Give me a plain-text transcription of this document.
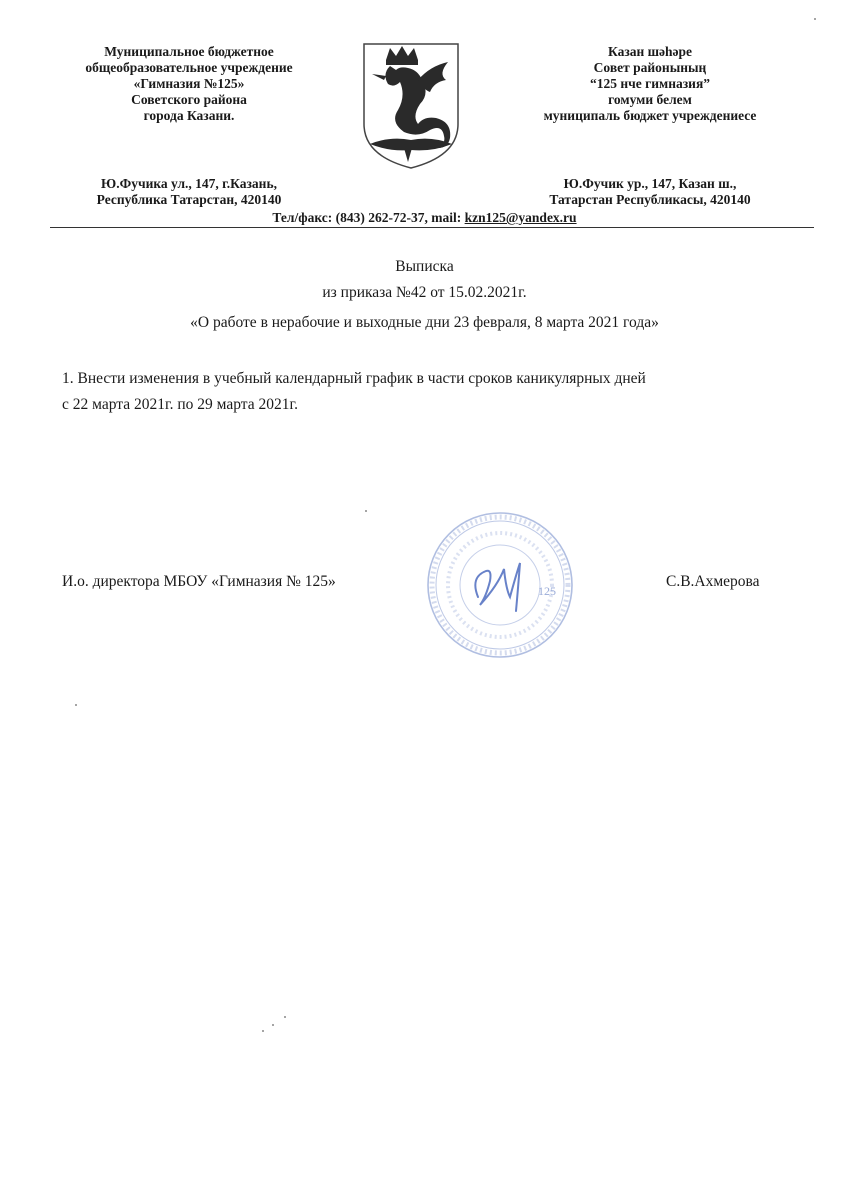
Муниципальное бюджетное
общеобразовательное учреждение
«Гимназия №125»
Советского района
города Казани.
Казан шәһәре
Совет районының
“125 нче гимназия”
гомуми белем
муниципаль бюджет учреждениесе
Ю.Фучика ул., 147, г.Казань,
Республика Татарстан, 420140
Ю.Фучик ур., 147, Казан ш.,
Татарстан Республикасы, 420140
Тел/факс: (843) 262-72-37, mail: kzn125@yandex.ru
Выписка
из приказа №42 от 15.02.2021г.
«О работе в нерабочие и выходные дни 23 февраля, 8 марта 2021 года»
1. Внести изменения в учебный календарный график в части сроков каникулярных дней
с 22 марта 2021г. по 29 марта 2021г.
125
И.о. директора МБОУ «Гимназия № 125»	С.В.Ахмерова
